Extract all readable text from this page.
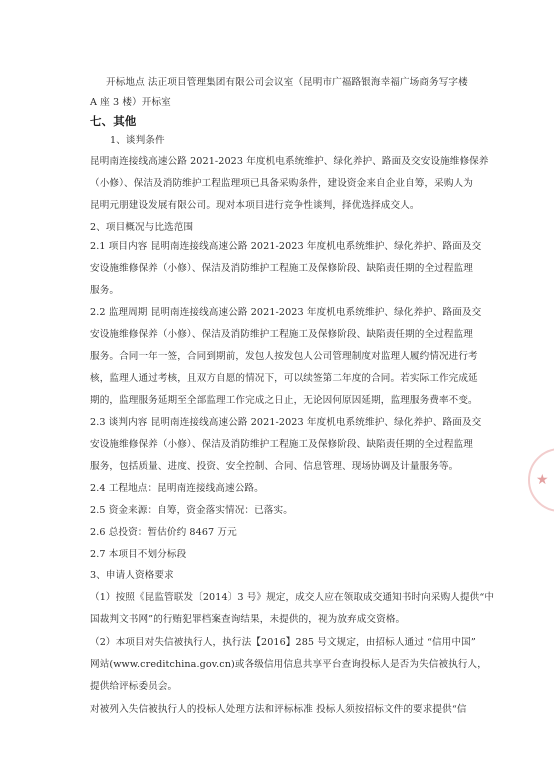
开标地点 法正项目管理集团有限公司会议室（昆明市广福路银海幸福广场商务写字楼
A 座 3 楼）开标室
七、其他
1、谈判条件
昆明南连接线高速公路 2021-2023 年度机电系统维护、绿化养护、路面及交安设施维修保养
（小修）、保洁及消防维护工程监理项已具备采购条件，建设资金来自企业自筹，采购人为
昆明元朋建设发展有限公司。现对本项目进行竞争性谈判，择优选择成交人。
2、项目概况与比选范围
2.1 项目内容 昆明南连接线高速公路 2021-2023 年度机电系统维护、绿化养护、路面及交
安设施维修保养（小修）、保洁及消防维护工程施工及保修阶段、缺陷责任期的全过程监理
服务。
2.2 监理周期 昆明南连接线高速公路 2021-2023 年度机电系统维护、绿化养护、路面及交
安设施维修保养（小修）、保洁及消防维护工程施工及保修阶段、缺陷责任期的全过程监理
服务。合同一年一签，合同到期前，发包人按发包人公司管理制度对监理人履约情况进行考
核，监理人通过考核，且双方自愿的情况下，可以续签第二年度的合同。若实际工作完成延
期的，监理服务延期至全部监理工作完成之日止，无论因何原因延期，监理服务费率不变。
2.3 谈判内容 昆明南连接线高速公路 2021-2023 年度机电系统维护、绿化养护、路面及交
安设施维修保养（小修）、保洁及消防维护工程施工及保修阶段、缺陷责任期的全过程监理
服务，包括质量、进度、投资、安全控制、合同、信息管理、现场协调及计量服务等。
2.4 工程地点：昆明南连接线高速公路。
2.5 资金来源：自筹，资金落实情况：已落实。
2.6 总投资：暂估价约 8467 万元
2.7 本项目不划分标段
3、申请人资格要求
（1）按照《昆监管联发〔2014〕3 号》规定，成交人应在领取成交通知书时向采购人提供“中
国裁判文书网”的行贿犯罪档案查询结果，未提供的，视为放弃成交资格。
（2）本项目对失信被执行人，执行法【2016】285 号文规定，由招标人通过 “信用中国”
网站(www.creditchina.gov.cn)或各级信用信息共享平台查询投标人是否为失信被执行人，
提供给评标委员会。
对被列入失信被执行人的投标人处理方法和评标标准 投标人须按招标文件的要求提供“信
★
